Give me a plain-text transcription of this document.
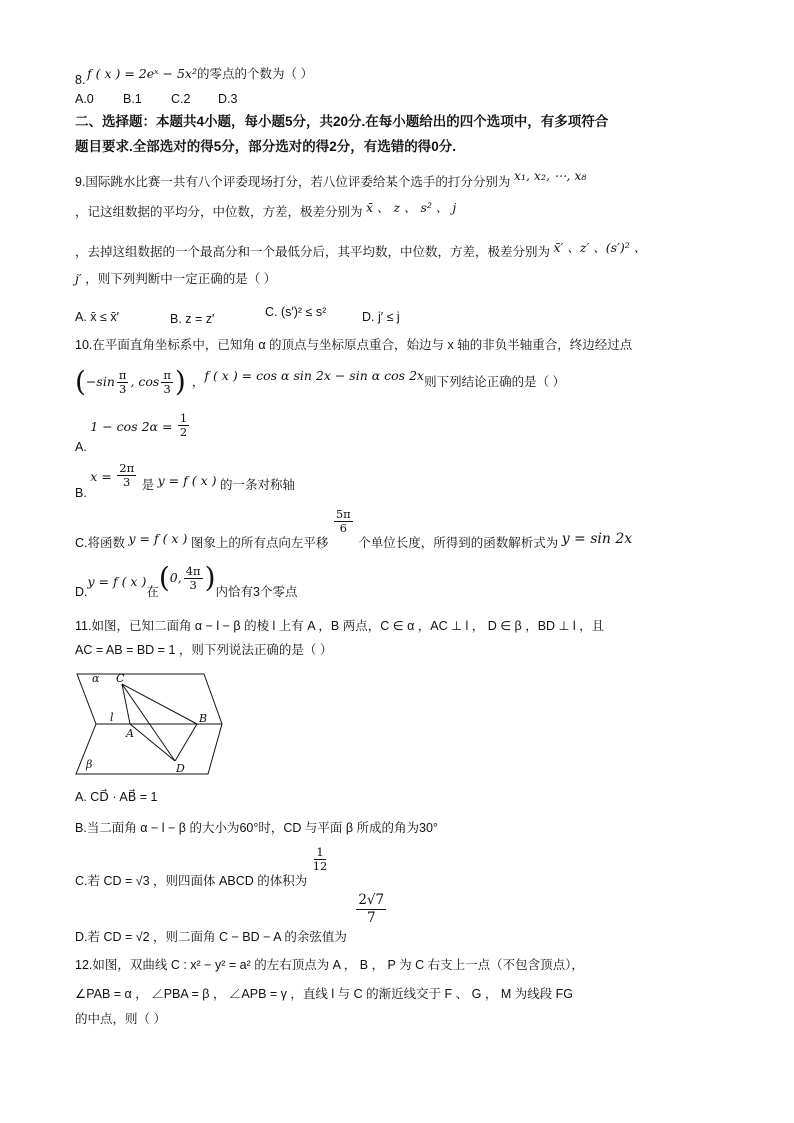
f ( x ) = 2eˣ − 5x²的零点的个数为（ ）
8.
A.0 B.1 C.2 D.3
二、选择题：本题共4小题，每小题5分，共20分.在每小题给出的四个选项中，有多项符合
题目要求.全部选对的得5分，部分选对的得2分，有选错的得0分.
9.国际跳水比赛一共有八个评委现场打分，若八位评委给某个选手的打分分别为 x₁, x₂, ⋯, x₈
，记这组数据的平均分，中位数，方差，极差分别为 x̄ 、 z 、 s² 、 j
，去掉这组数据的一个最高分和一个最低分后，其平均数，中位数，方差，极差分别为 x̄′ 、z′ 、(s′)² 、
j′ ，则下列判断中一定正确的是（ ）
A. x̄ ≤ x̄′	B. z = z′	C. (s′)² ≤ s²	D. j′ ≤ j
10.在平面直角坐标系中，已知角 α 的顶点与坐标原点重合，始边与 x 轴的非负半轴重合，终边经过点
( $-\sin \frac{\pi}{3}$ , $\cos \frac{\pi}{3}$ ) ， f ( x ) = cos α sin 2x − sin α cos 2x 则下列结论正确的是（ ）
A. $1 - \cos 2\alpha = \frac{1}{2}$
B. $x = \frac{2\pi}{3}$ 是 y = f ( x ) 的一条对称轴
C.将函数 y = f ( x ) 图象上的所有点向左平移
$\frac{5\pi}{6}$
个单位长度，所得到的函数解析式为 y = sin 2x
D.
y = f ( x )
在 ( 0, $\frac{4\pi}{3}$ ) 内恰有3个零点
11.如图，已知二面角 α − l − β 的棱 l 上有 A ，B 两点，C ∈ α ，AC ⊥ l ， D ∈ β ，BD ⊥ l ，且
AC = AB = BD = 1 ，则下列说法正确的是（ ）
α C
l	B
A
β	D
A. CD⃗ · AB⃗ = 1
B.当二面角 α − l − β 的大小为60°时，CD 与平面 β 所成的角为30°
C.若 CD = √3 ，则四面体 ABCD 的体积为
$\frac{1}{12}$
D.若 CD = √2 ，则二面角 C − BD − A 的余弦值为
$\frac{2√7}{7}$
12.如图，双曲线 C : x² − y² = a² 的左右顶点为 A ， B ， P 为 C 右支上一点（不包含顶点），
∠PAB = α ， ∠PBA = β ， ∠APB = γ ，直线 l 与 C 的渐近线交于 F 、 G ， M 为线段 FG
的中点，则（ ）
